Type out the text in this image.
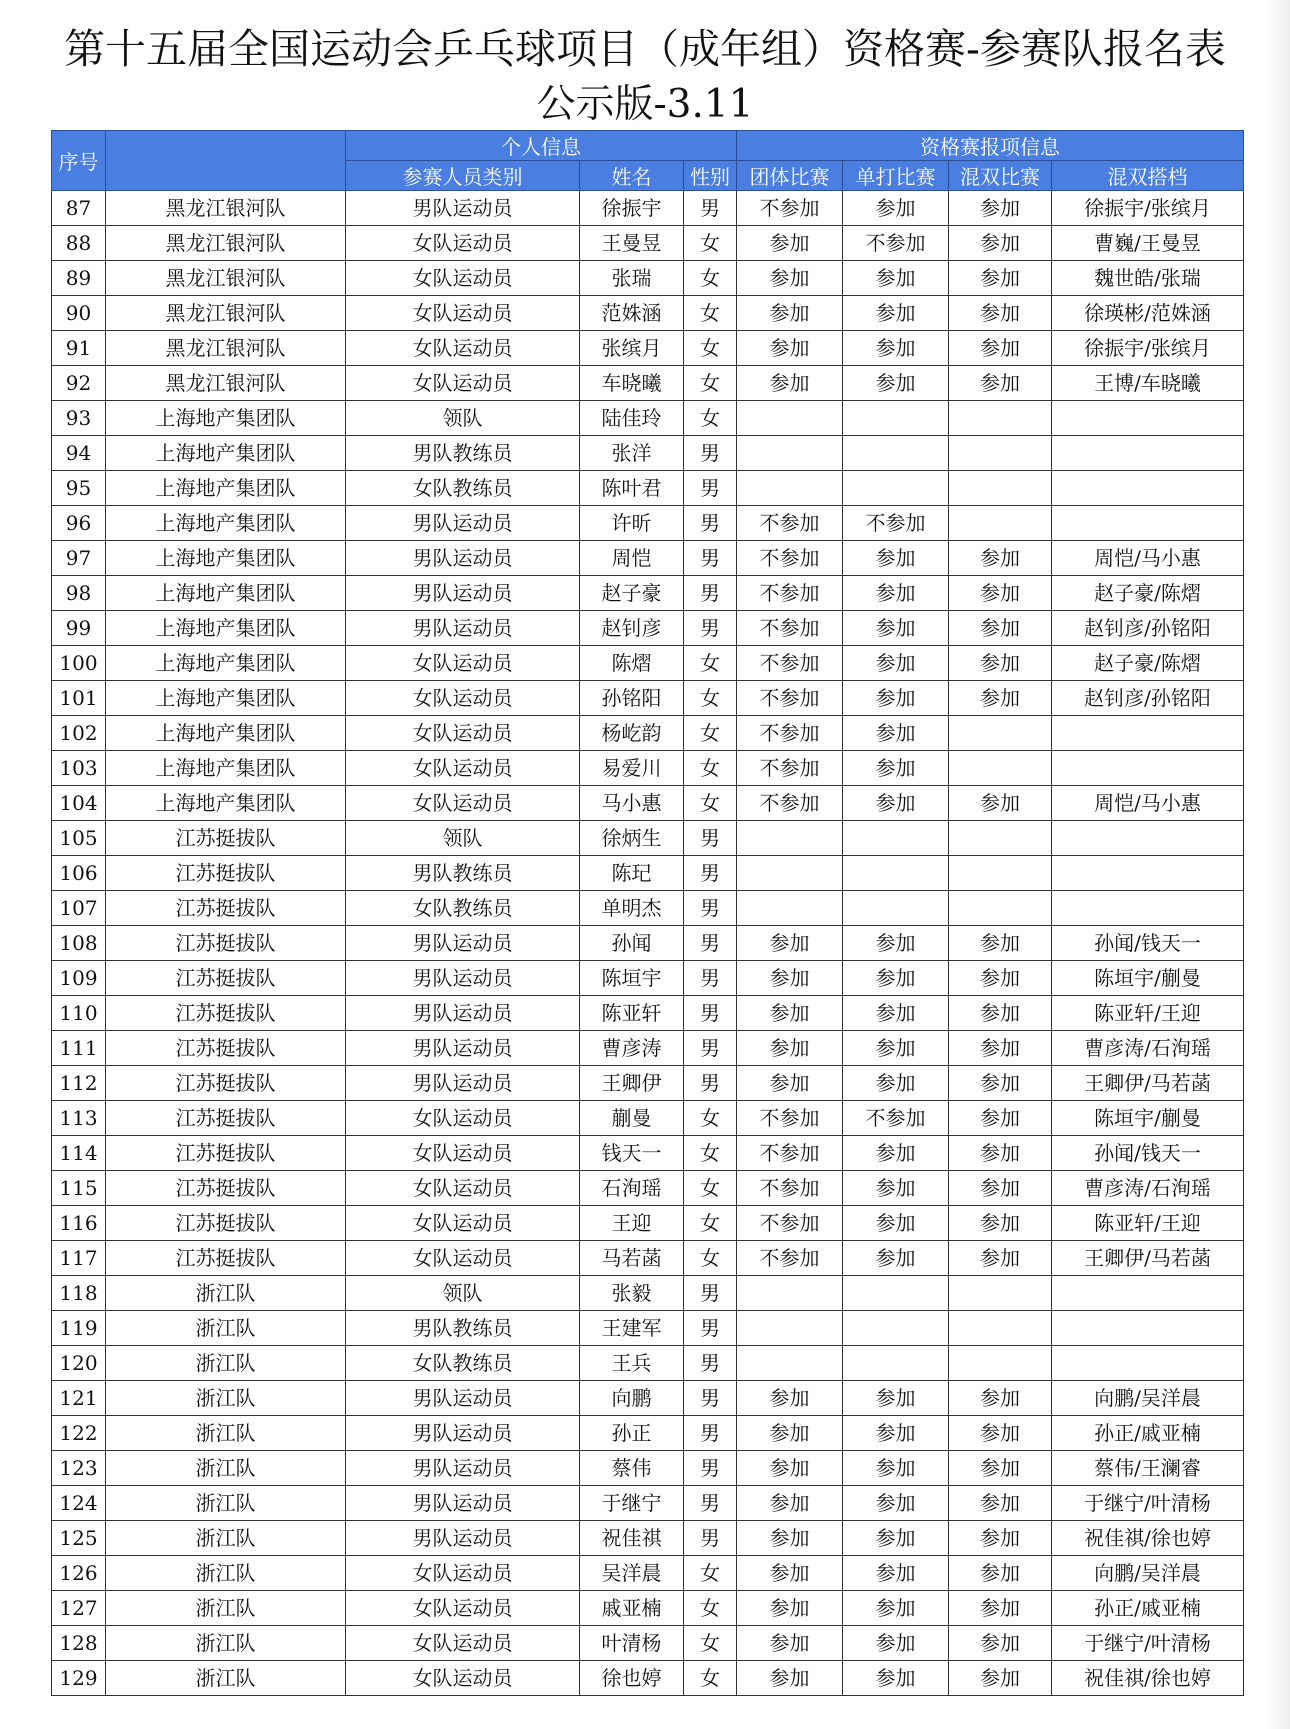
第十五届全国运动会乒乓球项目（成年组）资格赛-参赛队报名表
公示版-3.11
序号		个人信息			资格赛报项信息			
		参赛人员类别	姓名	性别	团体比赛	单打比赛	混双比赛	混双搭档
87	黑龙江银河队	男队运动员	徐振宇	男	不参加	参加	参加	徐振宇/张缤月
88	黑龙江银河队	女队运动员	王曼昱	女	参加	不参加	参加	曹巍/王曼昱
89	黑龙江银河队	女队运动员	张瑞	女	参加	参加	参加	魏世皓/张瑞
90	黑龙江银河队	女队运动员	范姝涵	女	参加	参加	参加	徐瑛彬/范姝涵
91	黑龙江银河队	女队运动员	张缤月	女	参加	参加	参加	徐振宇/张缤月
92	黑龙江银河队	女队运动员	车晓曦	女	参加	参加	参加	王博/车晓曦
93	上海地产集团队	领队	陆佳玲	女				
94	上海地产集团队	男队教练员	张洋	男				
95	上海地产集团队	女队教练员	陈叶君	男				
96	上海地产集团队	男队运动员	许昕	男	不参加	不参加		
97	上海地产集团队	男队运动员	周恺	男	不参加	参加	参加	周恺/马小惠
98	上海地产集团队	男队运动员	赵子豪	男	不参加	参加	参加	赵子豪/陈熠
99	上海地产集团队	男队运动员	赵钊彦	男	不参加	参加	参加	赵钊彦/孙铭阳
100	上海地产集团队	女队运动员	陈熠	女	不参加	参加	参加	赵子豪/陈熠
101	上海地产集团队	女队运动员	孙铭阳	女	不参加	参加	参加	赵钊彦/孙铭阳
102	上海地产集团队	女队运动员	杨屹韵	女	不参加	参加		
103	上海地产集团队	女队运动员	易爱川	女	不参加	参加		
104	上海地产集团队	女队运动员	马小惠	女	不参加	参加	参加	周恺/马小惠
105	江苏挺拔队	领队	徐炳生	男				
106	江苏挺拔队	男队教练员	陈玘	男				
107	江苏挺拔队	女队教练员	单明杰	男				
108	江苏挺拔队	男队运动员	孙闻	男	参加	参加	参加	孙闻/钱天一
109	江苏挺拔队	男队运动员	陈垣宇	男	参加	参加	参加	陈垣宇/蒯曼
110	江苏挺拔队	男队运动员	陈亚轩	男	参加	参加	参加	陈亚轩/王迎
111	江苏挺拔队	男队运动员	曹彦涛	男	参加	参加	参加	曹彦涛/石洵瑶
112	江苏挺拔队	男队运动员	王卿伊	男	参加	参加	参加	王卿伊/马若菡
113	江苏挺拔队	女队运动员	蒯曼	女	不参加	不参加	参加	陈垣宇/蒯曼
114	江苏挺拔队	女队运动员	钱天一	女	不参加	参加	参加	孙闻/钱天一
115	江苏挺拔队	女队运动员	石洵瑶	女	不参加	参加	参加	曹彦涛/石洵瑶
116	江苏挺拔队	女队运动员	王迎	女	不参加	参加	参加	陈亚轩/王迎
117	江苏挺拔队	女队运动员	马若菡	女	不参加	参加	参加	王卿伊/马若菡
118	浙江队	领队	张毅	男				
119	浙江队	男队教练员	王建军	男				
120	浙江队	女队教练员	王兵	男				
121	浙江队	男队运动员	向鹏	男	参加	参加	参加	向鹏/吴洋晨
122	浙江队	男队运动员	孙正	男	参加	参加	参加	孙正/戚亚楠
123	浙江队	男队运动员	蔡伟	男	参加	参加	参加	蔡伟/王澜睿
124	浙江队	男队运动员	于继宁	男	参加	参加	参加	于继宁/叶清杨
125	浙江队	男队运动员	祝佳祺	男	参加	参加	参加	祝佳祺/徐也婷
126	浙江队	女队运动员	吴洋晨	女	参加	参加	参加	向鹏/吴洋晨
127	浙江队	女队运动员	戚亚楠	女	参加	参加	参加	孙正/戚亚楠
128	浙江队	女队运动员	叶清杨	女	参加	参加	参加	于继宁/叶清杨
129	浙江队	女队运动员	徐也婷	女	参加	参加	参加	祝佳祺/徐也婷
